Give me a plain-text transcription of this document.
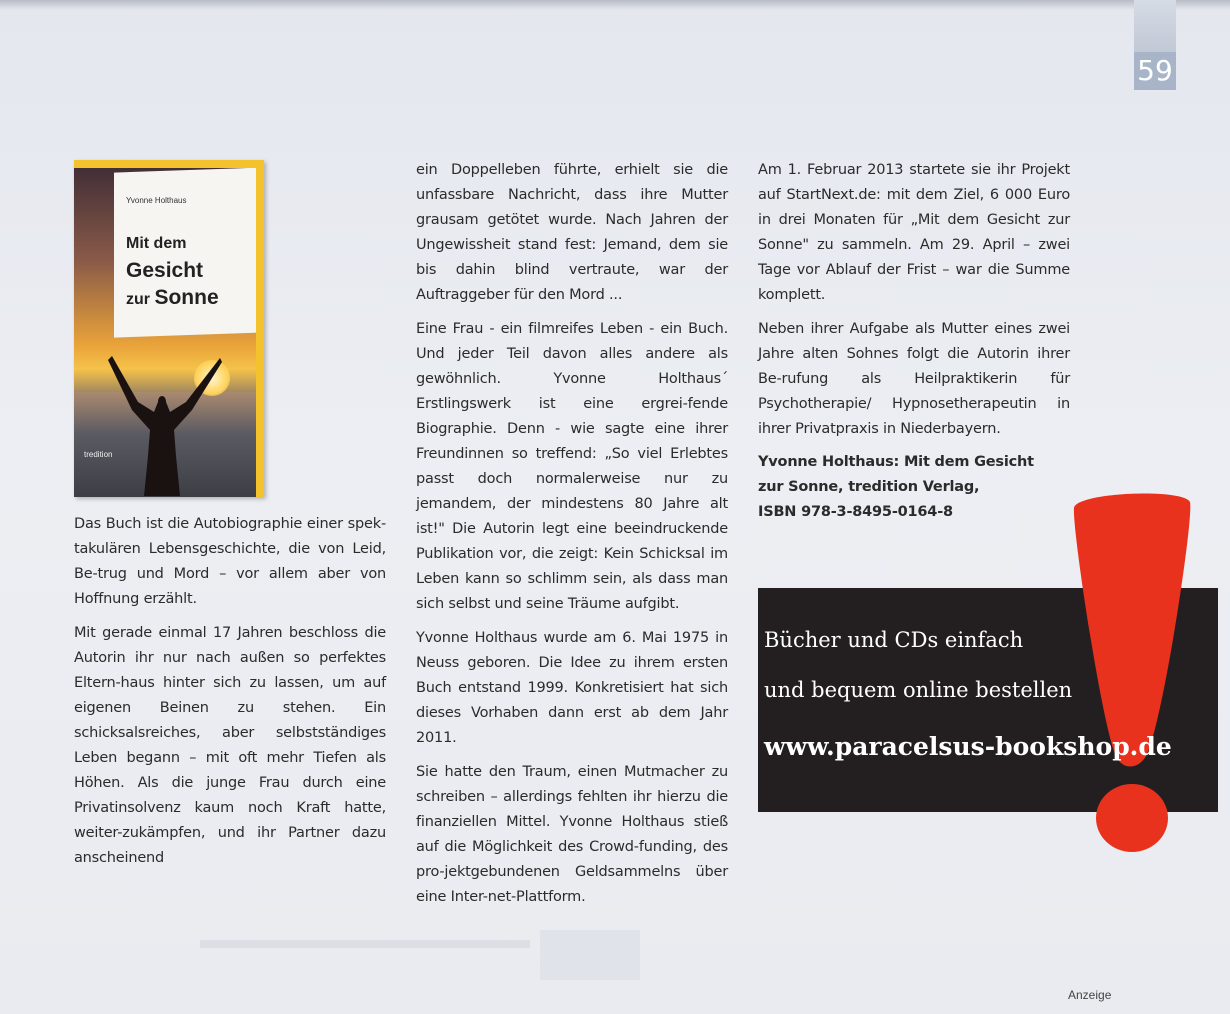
59
Yvonne Holthaus
Mit dem
Gesicht
zur Sonne
tredition

Das Buch ist die Autobiographie einer spek-takulären Lebensgeschichte, die von Leid, Be-trug und Mord – vor allem aber von Hoffnung erzählt.

Mit gerade einmal 17 Jahren beschloss die Autorin ihr nur nach außen so perfektes Eltern-haus hinter sich zu lassen, um auf eigenen Beinen zu stehen. Ein schicksalsreiches, aber selbstständiges Leben begann – mit oft mehr Tiefen als Höhen. Als die junge Frau durch eine Privatinsolvenz kaum noch Kraft hatte, weiter-zukämpfen, und ihr Partner dazu anscheinend

ein Doppelleben führte, erhielt sie die unfassbare Nachricht, dass ihre Mutter grausam getötet wurde. Nach Jahren der Ungewissheit stand fest: Jemand, dem sie bis dahin blind vertraute, war der Auftraggeber für den Mord ...

Eine Frau - ein filmreifes Leben - ein Buch. Und jeder Teil davon alles andere als gewöhnlich. Yvonne Holthaus´ Erstlingswerk ist eine ergrei-fende Biographie. Denn - wie sagte eine ihrer Freundinnen so treffend: „So viel Erlebtes passt doch normalerweise nur zu jemandem, der mindestens 80 Jahre alt ist!" Die Autorin legt eine beeindruckende Publikation vor, die zeigt: Kein Schicksal im Leben kann so schlimm sein, als dass man sich selbst und seine Träume aufgibt.

Yvonne Holthaus wurde am 6. Mai 1975 in Neuss geboren. Die Idee zu ihrem ersten Buch entstand 1999. Konkretisiert hat sich dieses Vorhaben dann erst ab dem Jahr 2011.

Sie hatte den Traum, einen Mutmacher zu schreiben – allerdings fehlten ihr hierzu die finanziellen Mittel. Yvonne Holthaus stieß auf die Möglichkeit des Crowd-funding, des pro-jektgebundenen Geldsammelns über eine Inter-net-Plattform.

Am 1. Februar 2013 startete sie ihr Projekt auf StartNext.de: mit dem Ziel, 6 000 Euro in drei Monaten für „Mit dem Gesicht zur Sonne" zu sammeln. Am 29. April – zwei Tage vor Ablauf der Frist – war die Summe komplett.

Neben ihrer Aufgabe als Mutter eines zwei Jahre alten Sohnes folgt die Autorin ihrer Be-rufung als Heilpraktikerin für Psychotherapie/ Hypnosetherapeutin in ihrer Privatpraxis in Niederbayern.

Yvonne Holthaus: Mit dem Gesicht
zur Sonne, tredition Verlag,
ISBN 978-3-8495-0164-8

Bücher und CDs einfach
und bequem online bestellen
www.paracelsus-bookshop.de
Anzeige
